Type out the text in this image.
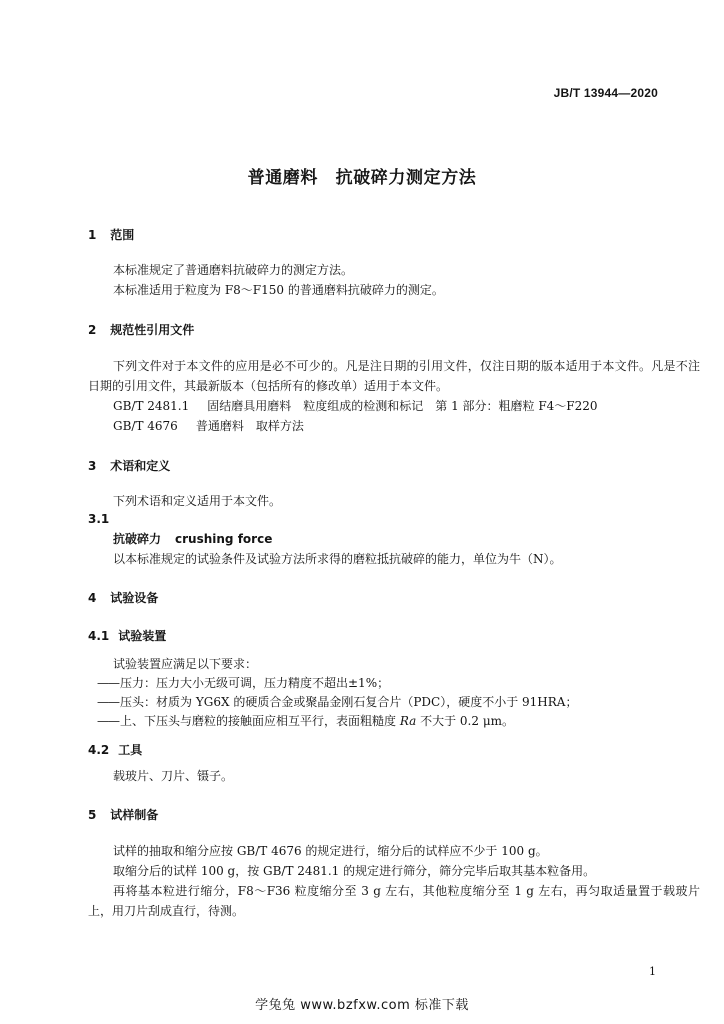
JB/T 13944—2020
普通磨料　抗破碎力测定方法
1 范围
本标准规定了普通磨料抗破碎力的测定方法。
本标准适用于粒度为 F8～F150 的普通磨料抗破碎力的测定。
2 规范性引用文件
下列文件对于本文件的应用是必不可少的。凡是注日期的引用文件，仅注日期的版本适用于本文件。凡是不注日期的引用文件，其最新版本（包括所有的修改单）适用于本文件。
GB/T 2481.1 固结磨具用磨料　粒度组成的检测和标记　第 1 部分：粗磨粒 F4～F220
GB/T 4676 普通磨料　取样方法
3 术语和定义
下列术语和定义适用于本文件。
3.1
抗破碎力 crushing force
以本标准规定的试验条件及试验方法所求得的磨粒抵抗破碎的能力，单位为牛（N）。
4 试验设备
4.1 试验装置
试验装置应满足以下要求：
——压力：压力大小无级可调，压力精度不超出±1%；
——压头：材质为 YG6X 的硬质合金或聚晶金刚石复合片（PDC），硬度不小于 91HRA；
——上、下压头与磨粒的接触面应相互平行，表面粗糙度 Ra 不大于 0.2 μm。
4.2 工具
载玻片、刀片、镊子。
5 试样制备
试样的抽取和缩分应按 GB/T 4676 的规定进行，缩分后的试样应不少于 100 g。
取缩分后的试样 100 g，按 GB/T 2481.1 的规定进行筛分，筛分完毕后取其基本粒备用。
再将基本粒进行缩分，F8～F36 粒度缩分至 3 g 左右，其他粒度缩分至 1 g 左右，再匀取适量置于载玻片上，用刀片刮成直行，待测。
1
学兔兔 www.bzfxw.com 标准下载
